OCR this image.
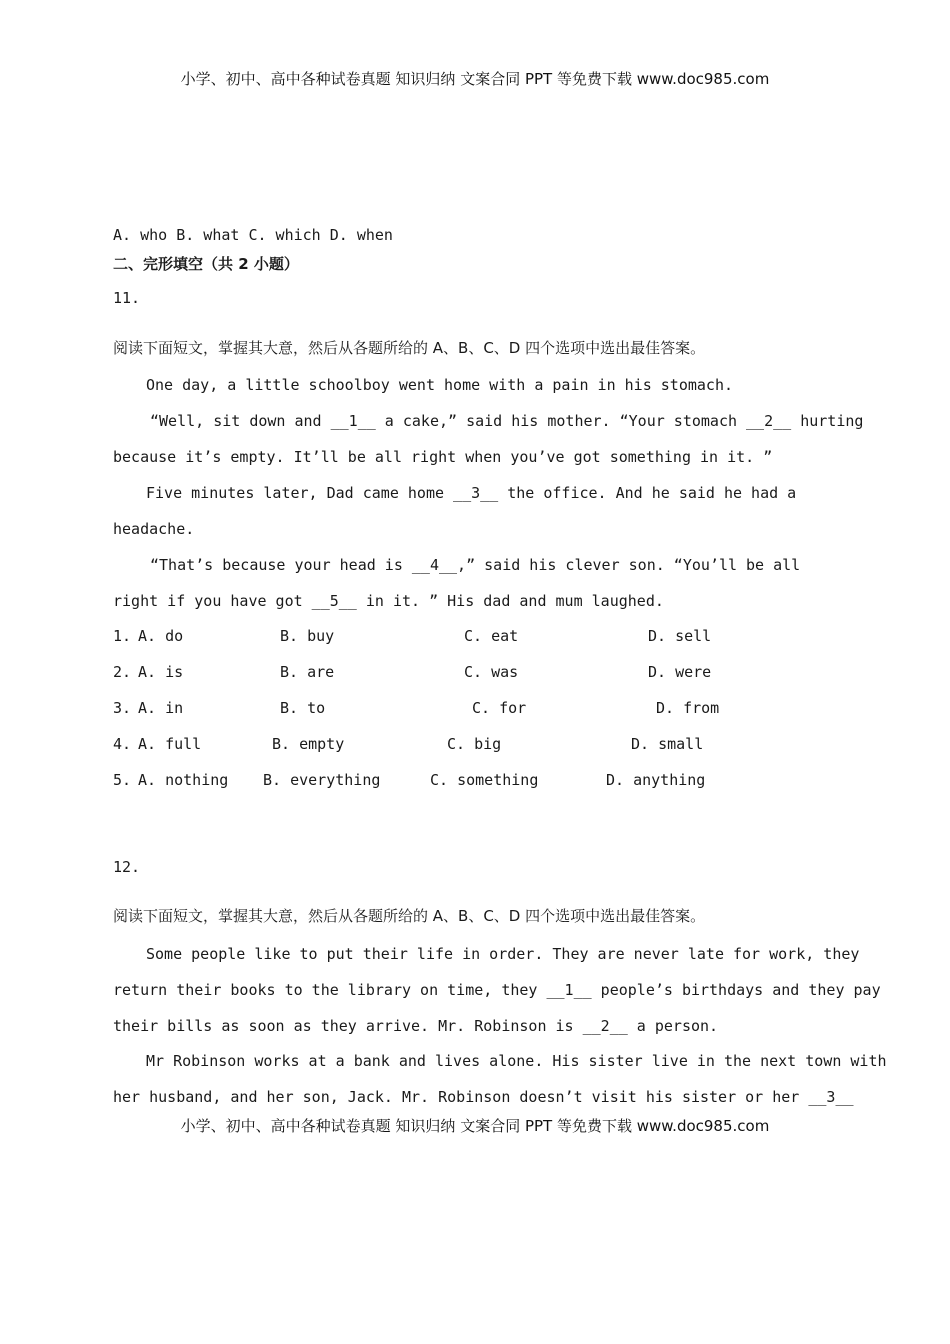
小学、初中、高中各种试卷真题 知识归纳 文案合同 PPT 等免费下载 www.doc985.com
A. who B. what C. which D. when
二、完形填空（共 2 小题）
11.
阅读下面短文，掌握其大意，然后从各题所给的 A、B、C、D 四个选项中选出最佳答案。
One day, a little schoolboy went home with a pain in his stomach.
“Well, sit down and __1__ a cake,” said his mother. “Your stomach __2__ hurting
because it’s empty. It’ll be all right when you’ve got something in it. ”
Five minutes later, Dad came home __3__ the office. And he said he had a
headache.
“That’s because your head is __4__,” said his clever son. “You’ll be all
right if you have got __5__ in it. ” His dad and mum laughed.
1. A. do	B. buy	C. eat	D. sell
2. A. is	B. are	C. was	D. were
3. A. in	B. to	C. for	D. from
4. A. full	B. empty	C. big	D. small
5. A. nothing B. everything	C. something	D. anything
12.
阅读下面短文，掌握其大意，然后从各题所给的 A、B、C、D 四个选项中选出最佳答案。
Some people like to put their life in order. They are never late for work, they
return their books to the library on time, they __1__ people’s birthdays and they pay
their bills as soon as they arrive. Mr. Robinson is __2__ a person.
Mr Robinson works at a bank and lives alone. His sister live in the next town with
her husband, and her son, Jack. Mr. Robinson doesn’t visit his sister or her __3__
小学、初中、高中各种试卷真题 知识归纳 文案合同 PPT 等免费下载 www.doc985.com
